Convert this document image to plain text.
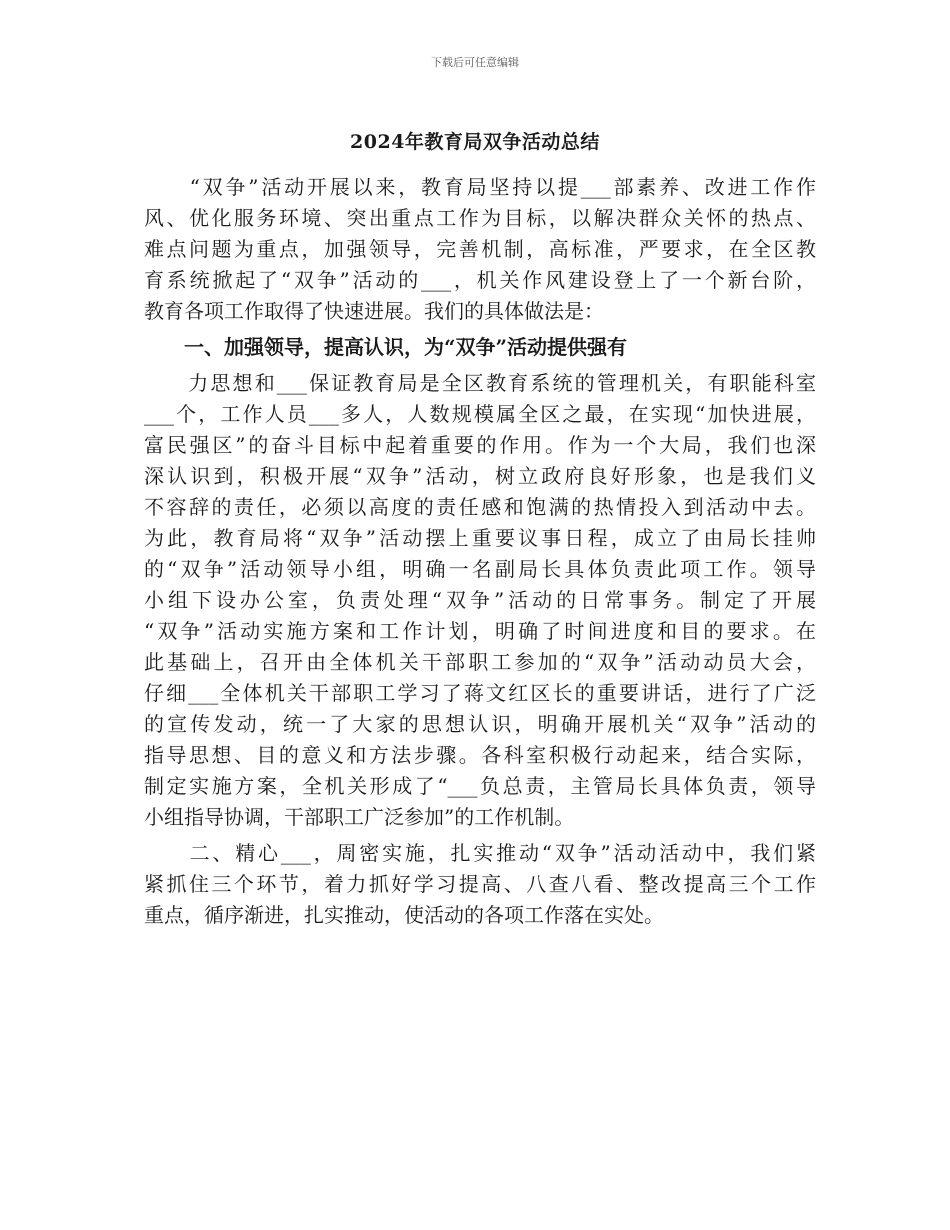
下载后可任意编辑
2024年教育局双争活动总结

　　“双争”活动开展以来，教育局坚持以提___部素养、改进工作作
风、优化服务环境、突出重点工作为目标，以解决群众关怀的热点、
难点问题为重点，加强领导，完善机制，高标准，严要求，在全区教
育系统掀起了“双争”活动的___，机关作风建设登上了一个新台阶，
教育各项工作取得了快速进展。我们的具体做法是：

　　一、加强领导，提高认识，为“双争”活动提供强有

　　力思想和___保证教育局是全区教育系统的管理机关，有职能科室
___个，工作人员___多人，人数规模属全区之最，在实现“加快进展，
富民强区”的奋斗目标中起着重要的作用。作为一个大局，我们也深
深认识到，积极开展“双争”活动，树立政府良好形象，也是我们义
不容辞的责任，必须以高度的责任感和饱满的热情投入到活动中去。
为此，教育局将“双争”活动摆上重要议事日程，成立了由局长挂帅
的“双争”活动领导小组，明确一名副局长具体负责此项工作。领导
小组下设办公室，负责处理“双争”活动的日常事务。制定了开展
“双争”活动实施方案和工作计划，明确了时间进度和目的要求。在
此基础上，召开由全体机关干部职工参加的“双争”活动动员大会，
仔细___全体机关干部职工学习了蒋文红区长的重要讲话，进行了广泛
的宣传发动，统一了大家的思想认识，明确开展机关“双争”活动的
指导思想、目的意义和方法步骤。各科室积极行动起来，结合实际，
制定实施方案，全机关形成了“___负总责，主管局长具体负责，领导
小组指导协调，干部职工广泛参加”的工作机制。

　　二、精心___，周密实施，扎实推动“双争”活动活动中，我们紧
紧抓住三个环节，着力抓好学习提高、八查八看、整改提高三个工作
重点，循序渐进，扎实推动，使活动的各项工作落在实处。
